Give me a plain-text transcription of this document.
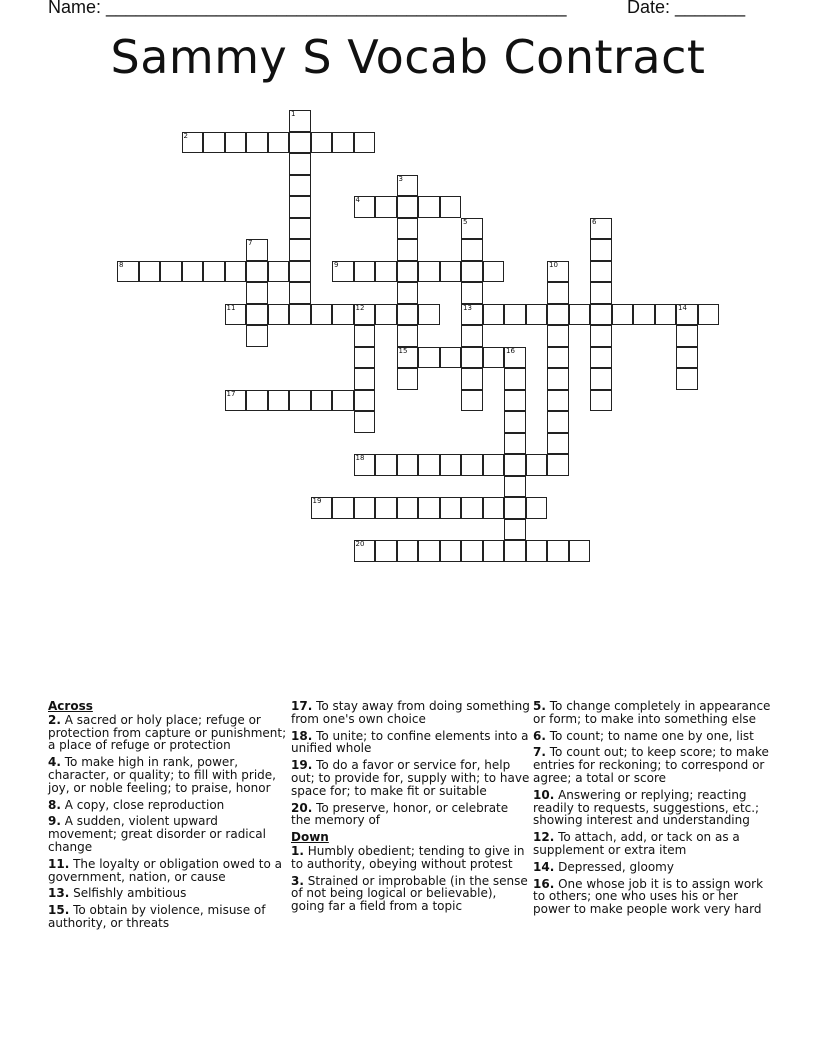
Name: ______________________________________________	Date: _______
Sammy S Vocab Contract
1
2
3
15
4
5
13
6
7
8	9	10
11	12	14
16
17
18
19
20
Across
2. A sacred or holy place; refuge or protection from capture or punishment; a place of refuge or protection
4. To make high in rank, power, character, or quality; to fill with pride, joy, or noble feeling; to praise, honor
8. A copy, close reproduction
9. A sudden, violent upward movement; great disorder or radical change
11. The loyalty or obligation owed to a government, nation, or cause
13. Selfishly ambitious
15. To obtain by violence, misuse of authority, or threats
17. To stay away from doing something from one's own choice
18. To unite; to confine elements into a unified whole
19. To do a favor or service for, help out; to provide for, supply with; to have space for; to make fit or suitable
20. To preserve, honor, or celebrate the memory of
Down
1. Humbly obedient; tending to give in to authority, obeying without protest
3. Strained or improbable (in the sense of not being logical or believable), going far a field from a topic
5. To change completely in appearance or form; to make into something else
6. To count; to name one by one, list
7. To count out; to keep score; to make entries for reckoning; to correspond or agree; a total or score
10. Answering or replying; reacting readily to requests, suggestions, etc.; showing interest and understanding
12. To attach, add, or tack on as a supplement or extra item
14. Depressed, gloomy
16. One whose job it is to assign work to others; one who uses his or her power to make people work very hard
